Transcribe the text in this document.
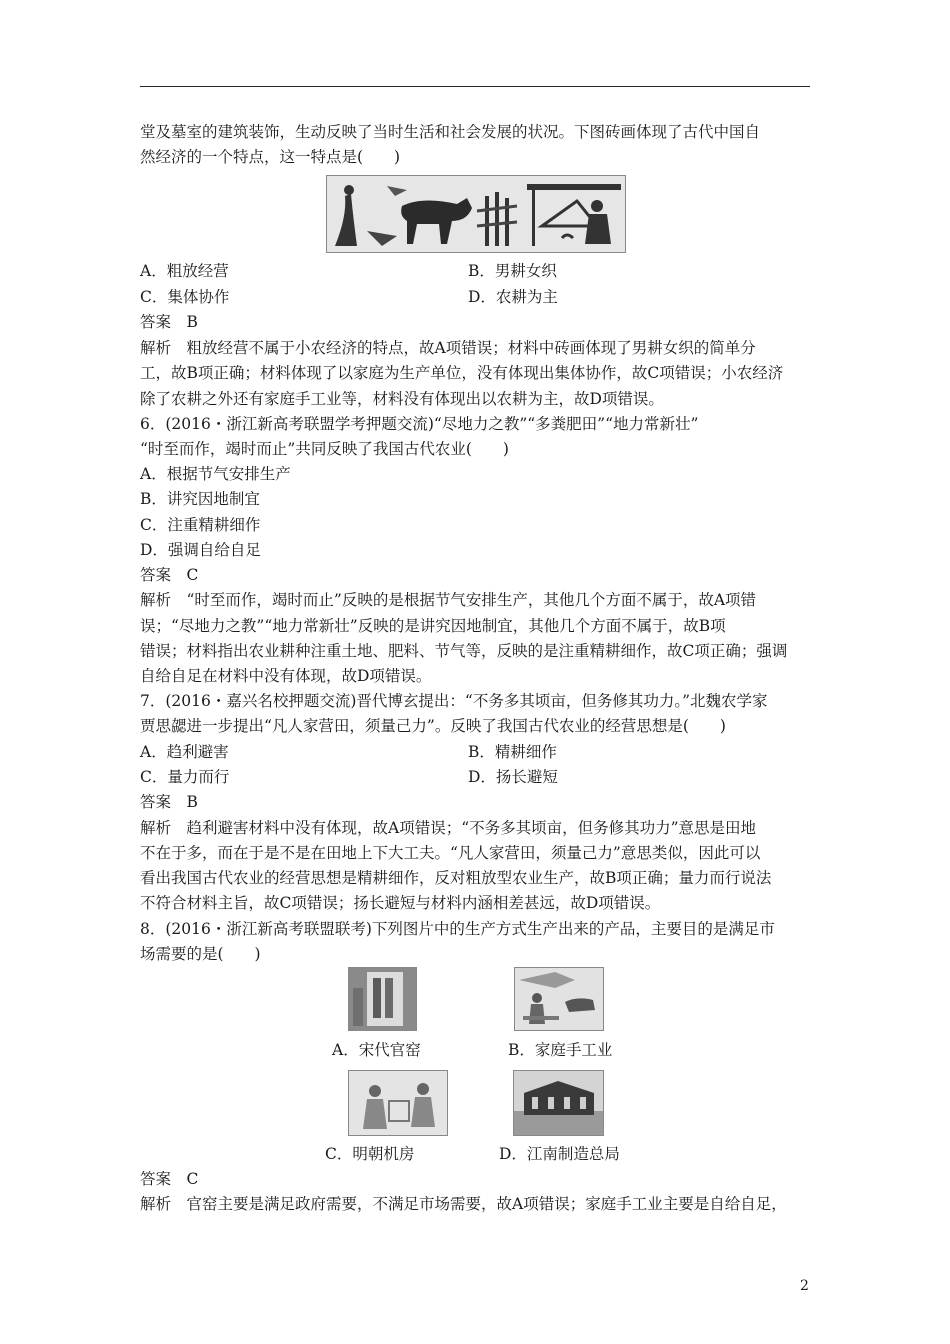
堂及墓室的建筑装饰，生动反映了当时生活和社会发展的状况。下图砖画体现了古代中国自
然经济的一个特点，这一特点是(　　)
A．粗放经营	B．男耕女织
C．集体协作	D．农耕为主
答案　B
解析　粗放经营不属于小农经济的特点，故A项错误；材料中砖画体现了男耕女织的简单分
工，故B项正确；材料体现了以家庭为生产单位，没有体现出集体协作，故C项错误；小农经济
除了农耕之外还有家庭手工业等，材料没有体现出以农耕为主，故D项错误。
6．(2016・浙江新高考联盟学考押题交流)“尽地力之教”“多粪肥田”“地力常新壮”
“时至而作，竭时而止”共同反映了我国古代农业(　　)
A．根据节气安排生产
B．讲究因地制宜
C．注重精耕细作
D．强调自给自足
答案　C
解析　“时至而作，竭时而止”反映的是根据节气安排生产，其他几个方面不属于，故A项错
误；“尽地力之教”“地力常新壮”反映的是讲究因地制宜，其他几个方面不属于，故B项
错误；材料指出农业耕种注重土地、肥料、节气等，反映的是注重精耕细作，故C项正确；强调
自给自足在材料中没有体现，故D项错误。
7．(2016・嘉兴名校押题交流)晋代博玄提出：“不务多其顷亩，但务修其功力。”北魏农学家
贾思勰进一步提出“凡人家营田，须量己力”。反映了我国古代农业的经营思想是(　　)
A．趋利避害	B．精耕细作
C．量力而行	D．扬长避短
答案　B
解析　趋利避害材料中没有体现，故A项错误；“不务多其顷亩，但务修其功力”意思是田地
不在于多，而在于是不是在田地上下大工夫。“凡人家营田，须量己力”意思类似，因此可以
看出我国古代农业的经营思想是精耕细作，反对粗放型农业生产，故B项正确；量力而行说法
不符合材料主旨，故C项错误；扬长避短与材料内涵相差甚远，故D项错误。
8．(2016・浙江新高考联盟联考)下列图片中的生产方式生产出来的产品，主要目的是满足市
场需要的是(　　)
A．宋代官窑	B．家庭手工业
C．明朝机房	D．江南制造总局
答案　C
解析　官窑主要是满足政府需要，不满足市场需要，故A项错误；家庭手工业主要是自给自足，
2
